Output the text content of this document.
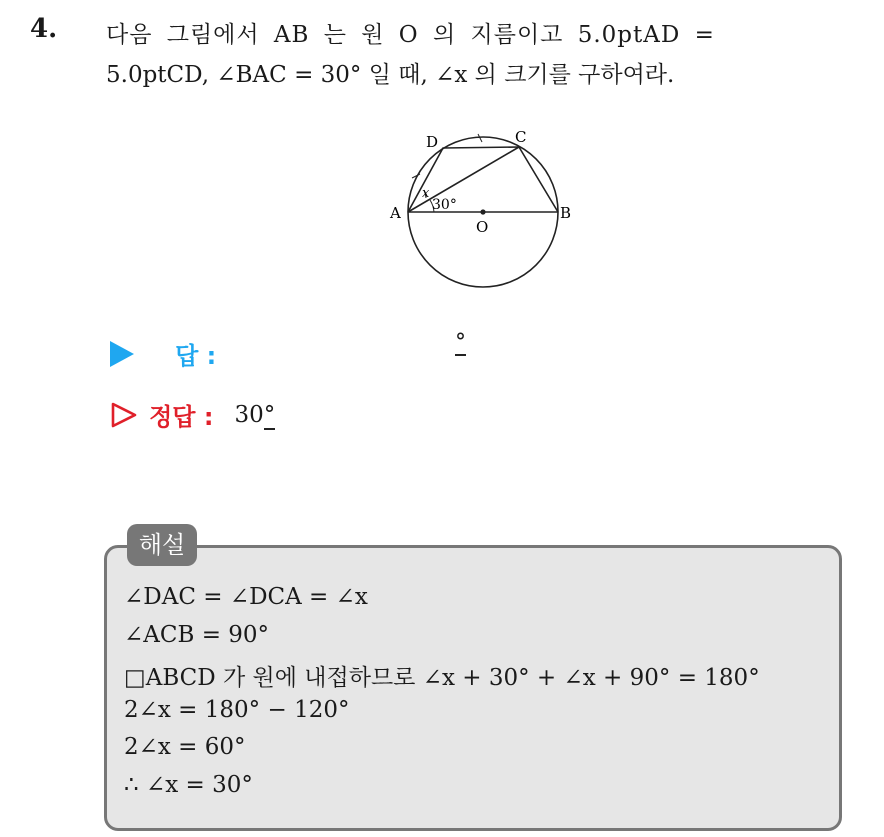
4. 다음 그림에서 AB 는 원 O 의 지름이고 5.0ptAD =
5.0ptCD, ∠BAC = 30° 일 때, ∠x 의 크기를 구하여라.
A	B
C
D
O
x
30°
답 :	°
정답 : 30°
해설
∠DAC = ∠DCA = ∠x
∠ACB = 90°
□ABCD 가 원에 내접하므로 ∠x + 30° + ∠x + 90° = 180°
2∠x = 180° − 120°
2∠x = 60°
∴ ∠x = 30°
